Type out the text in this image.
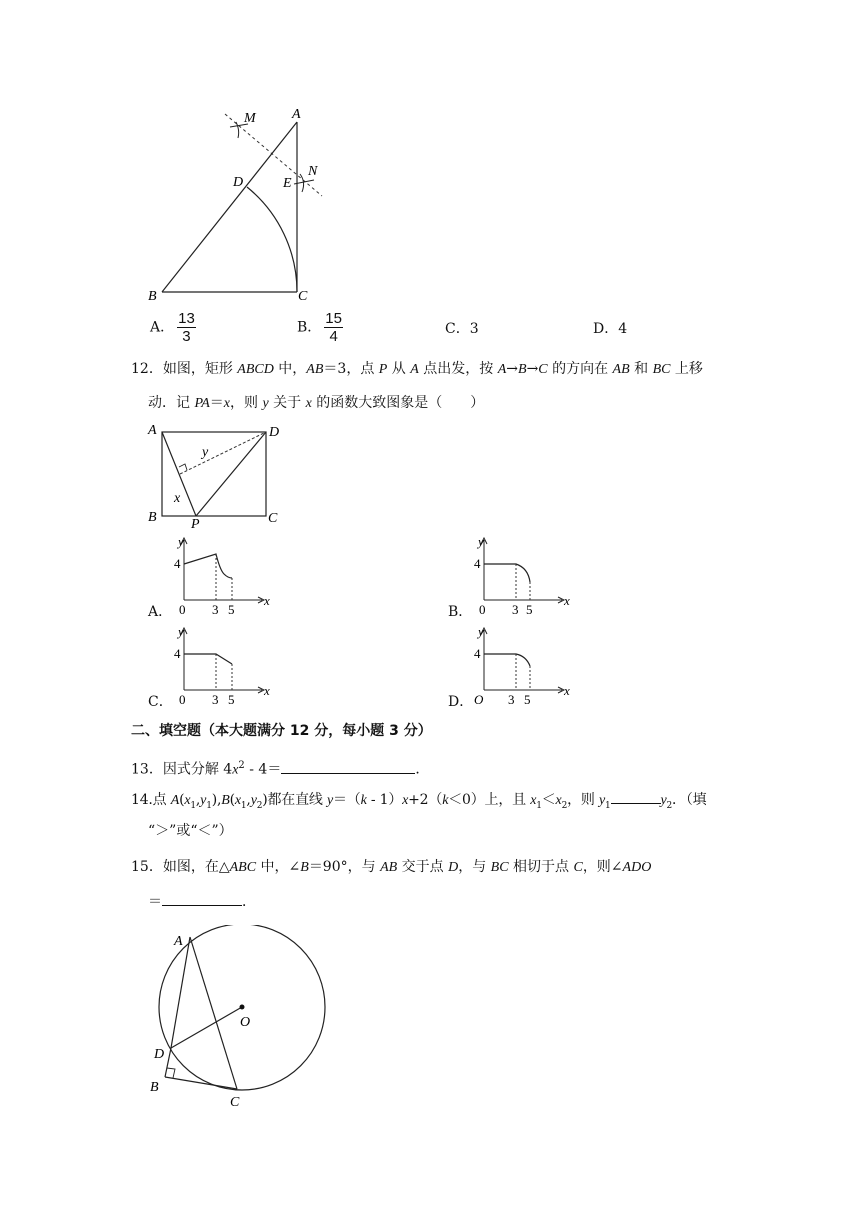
M	A
N
E
D
B	C
A． $\frac{13}{3}$	B． $\frac{15}{4}$	C．3	D．4
12．如图，矩形 ABCD 中，AB＝3，点 P 从 A 点出发，按 A→B→C 的方向在 AB 和 BC 上移
动．记 PA＝x，则 y 关于 x 的函数大致图象是（　　）
A	D
B P	C
x
y
A．
y
x
4
0 3 5	B．
y
x
4
0 3 5
C．
y
x
4
0 3 5	D．
y
x
4
O 3 5
二、填空题（本大题满分 12 分，每小题 3 分）
13．因式分解 $4x^2 - 4=$	．
14.点 $A(x_1,y_1),B(x_1,y_2)$都在直线 y＝（k - 1）x+2（k＜0）上，且 $x_1<x_2$，则 $y_1$	$y_2$．（填
“＞”或“＜”）
15．如图，在△ABC 中，∠B＝90°，与 AB 交于点 D，与 BC 相切于点 C，则∠ADO
＝	．
A
O
D
B
C
